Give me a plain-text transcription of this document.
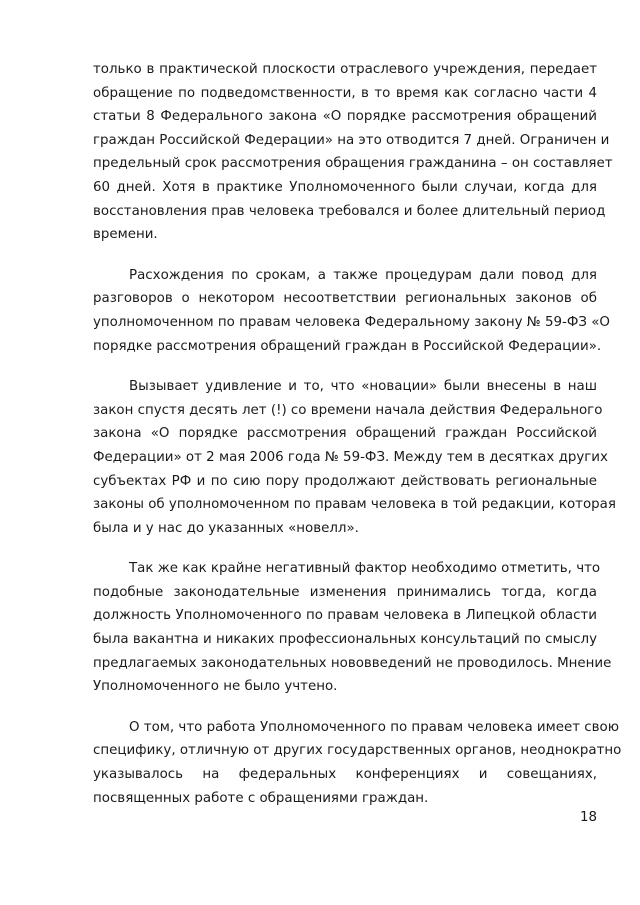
только в практической плоскости отраслевого учреждения, передает
обращение по подведомственности, в то время как согласно части 4
статьи 8 Федерального закона «О порядке рассмотрения обращений
граждан Российской Федерации» на это отводится 7 дней. Ограничен и
предельный срок рассмотрения обращения гражданина – он составляет
60 дней. Хотя в практике Уполномоченного были случаи, когда для
восстановления прав человека требовался и более длительный период
времени.

Расхождения по срокам, а также процедурам дали повод для
разговоров о некотором несоответствии региональных законов об
уполномоченном по правам человека Федеральному закону № 59-ФЗ «О
порядке рассмотрения обращений граждан в Российской Федерации».

Вызывает удивление и то, что «новации» были внесены в наш
закон спустя десять лет (!) со времени начала действия Федерального
закона «О порядке рассмотрения обращений граждан Российской
Федерации» от 2 мая 2006 года № 59-ФЗ. Между тем в десятках других
субъектах РФ и по сию пору продолжают действовать региональные
законы об уполномоченном по правам человека в той редакции, которая
была и у нас до указанных «новелл».

Так же как крайне негативный фактор необходимо отметить, что
подобные законодательные изменения принимались тогда, когда
должность Уполномоченного по правам человека в Липецкой области
была вакантна и никаких профессиональных консультаций по смыслу
предлагаемых законодательных нововведений не проводилось. Мнение
Уполномоченного не было учтено.

О том, что работа Уполномоченного по правам человека имеет свою
специфику, отличную от других государственных органов, неоднократно
указывалось на федеральных конференциях и совещаниях,
посвященных работе с обращениями граждан.

18
